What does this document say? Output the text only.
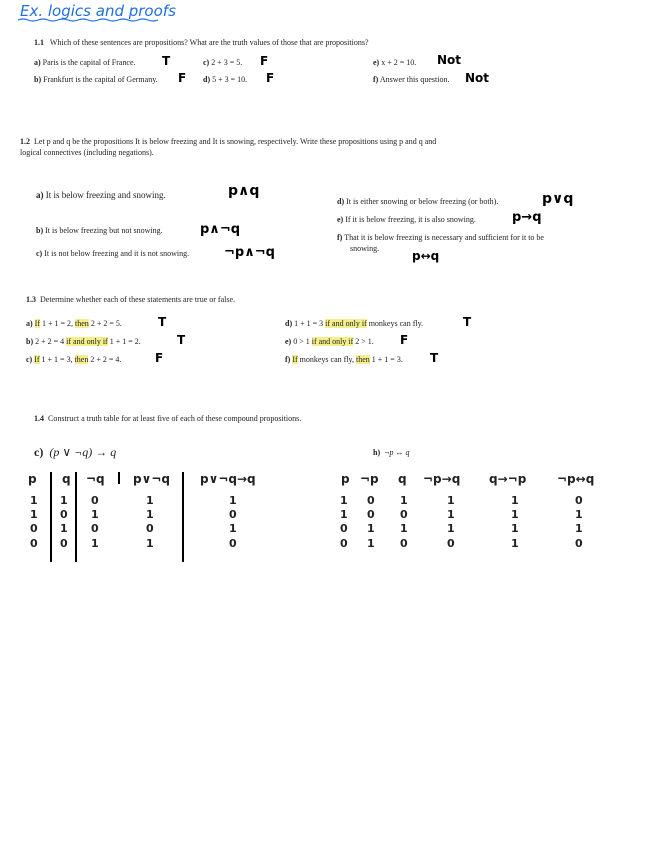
Ex. logics and proofs
1.1 Which of these sentences are propositions? What are the truth values of those that are propositions?
a) Paris is the capital of France. T
b) Frankfurt is the capital of Germany. F
c) 2 + 3 = 5. F
d) 5 + 3 = 10. F
e) x + 2 = 10. Not
f) Answer this question. Not
1.2 Let p and q be the propositions It is below freezing and It is snowing, respectively. Write these propositions using p and q and
logical connectives (including negations).
a) It is below freezing and snowing.	p∧q
b) It is below freezing but not snowing.	p∧¬q
c) It is not below freezing and it is not snowing.	¬p∧¬q
d) It is either snowing or below freezing (or both).	p∨q
e) If it is below freezing, it is also snowing.	p→q
f) That it is below freezing is necessary and sufficient for it to be
snowing.
p↔q
1.3 Determine whether each of these statements are true or false.
a) If 1 + 1 = 2, then 2 + 2 = 5.	T
b) 2 + 2 = 4 if and only if 1 + 1 = 2.	T
c) If 1 + 1 = 3, then 2 + 2 = 4.	F
d) 1 + 1 = 3 if and only if monkeys can fly.	T
e) 0 > 1 if and only if 2 > 1. F
f) If monkeys can fly, then 1 + 1 = 3. T
1.4 Construct a truth table for at least five of each of these compound propositions.
c) (p ∨ ¬q) → q	h) ¬p ↔ q
p q ¬q p∨¬q	p∨¬q→q
1 1 0	1	1
1 0 1	1	0
0 1 0	0	1
0 0 1	1	0
p ¬p q ¬p→q q→¬p	¬p↔q
1 0 1	1	1	0
1 0 0	1	1	1
0 1 1	1	1	1
0 1 0	0	1	0
